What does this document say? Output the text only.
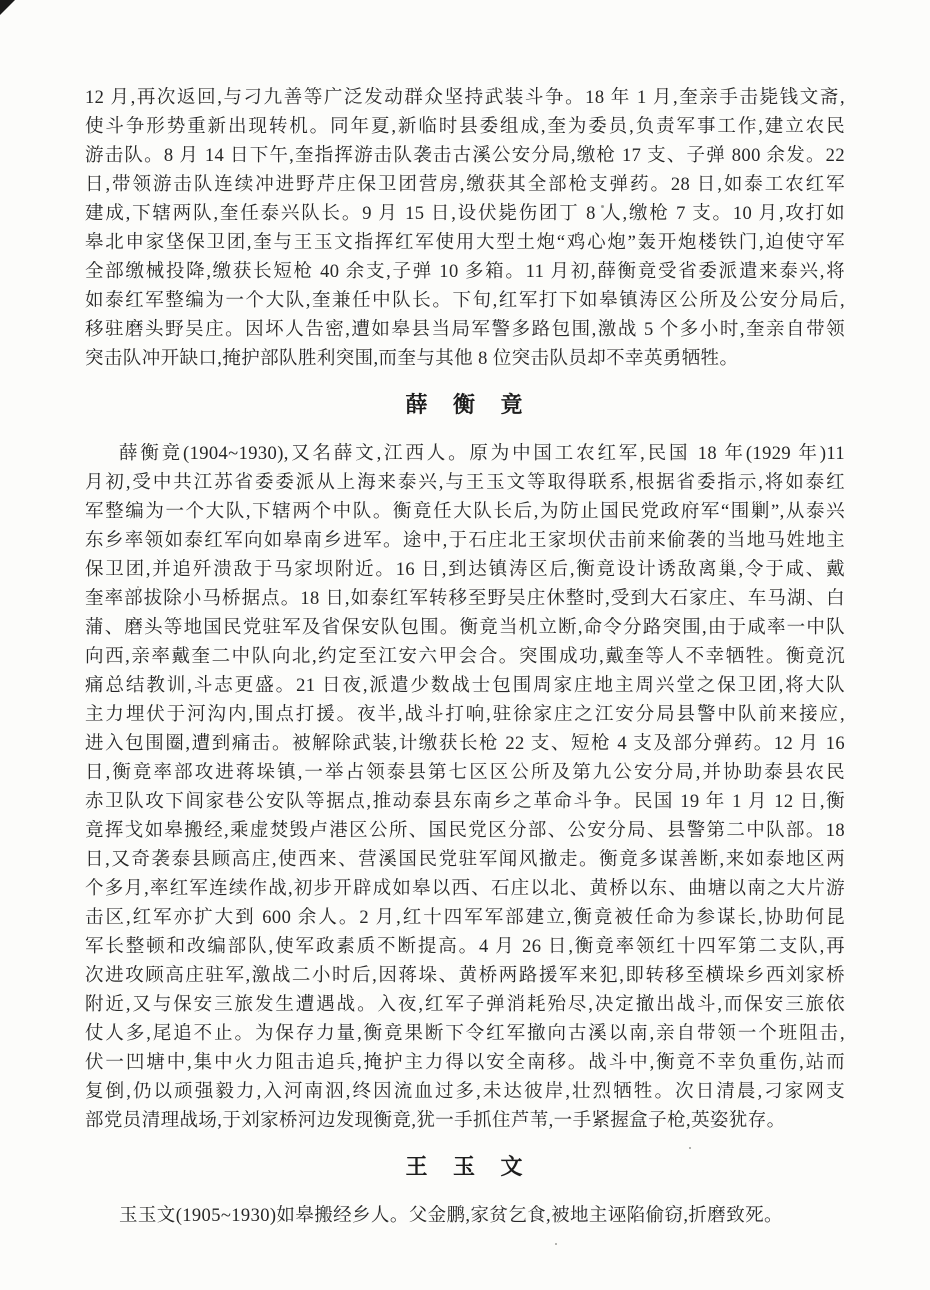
12 月,再次返回,与刁九善等广泛发动群众坚持武装斗争。18 年 1 月,奎亲手击毙钱文斋,
使斗争形势重新出现转机。同年夏,新临时县委组成,奎为委员,负责军事工作,建立农民
游击队。8 月 14 日下午,奎指挥游击队袭击古溪公安分局,缴枪 17 支、子弹 800 余发。22
日,带领游击队连续冲进野芹庄保卫团营房,缴获其全部枪支弹药。28 日,如泰工农红军
建成,下辖两队,奎任泰兴队长。9 月 15 日,设伏毙伤团丁 8 人,缴枪 7 支。10 月,攻打如
皋北申家垡保卫团,奎与王玉文指挥红军使用大型土炮“鸡心炮”轰开炮楼铁门,迫使守军
全部缴械投降,缴获长短枪 40 余支,子弹 10 多箱。11 月初,薛衡竟受省委派遣来泰兴,将
如泰红军整编为一个大队,奎兼任中队长。下旬,红军打下如皋镇涛区公所及公安分局后,
移驻磨头野吴庄。因坏人告密,遭如皋县当局军警多路包围,激战 5 个多小时,奎亲自带领
突击队冲开缺口,掩护部队胜利突围,而奎与其他 8 位突击队员却不幸英勇牺牲。
薛 衡 竟
薛衡竟(1904~1930),又名薛文,江西人。原为中国工农红军,民国 18 年(1929 年)11
月初,受中共江苏省委委派从上海来泰兴,与王玉文等取得联系,根据省委指示,将如泰红
军整编为一个大队,下辖两个中队。衡竟任大队长后,为防止国民党政府军“围剿”,从泰兴
东乡率领如泰红军向如皋南乡进军。途中,于石庄北王家坝伏击前来偷袭的当地马姓地主
保卫团,并追歼溃敌于马家坝附近。16 日,到达镇涛区后,衡竟设计诱敌离巢,令于咸、戴
奎率部拔除小马桥据点。18 日,如泰红军转移至野吴庄休整时,受到大石家庄、车马湖、白
蒲、磨头等地国民党驻军及省保安队包围。衡竟当机立断,命令分路突围,由于咸率一中队
向西,亲率戴奎二中队向北,约定至江安六甲会合。突围成功,戴奎等人不幸牺牲。衡竟沉
痛总结教训,斗志更盛。21 日夜,派遣少数战士包围周家庄地主周兴堂之保卫团,将大队
主力埋伏于河沟内,围点打援。夜半,战斗打响,驻徐家庄之江安分局县警中队前来接应,
进入包围圈,遭到痛击。被解除武装,计缴获长枪 22 支、短枪 4 支及部分弹药。12 月 16
日,衡竟率部攻进蒋垛镇,一举占领泰县第七区区公所及第九公安分局,并协助泰县农民
赤卫队攻下闾家巷公安队等据点,推动泰县东南乡之革命斗争。民国 19 年 1 月 12 日,衡
竟挥戈如皋搬经,乘虚焚毁卢港区公所、国民党区分部、公安分局、县警第二中队部。18
日,又奇袭泰县顾高庄,使西来、营溪国民党驻军闻风撤走。衡竟多谋善断,来如泰地区两
个多月,率红军连续作战,初步开辟成如皋以西、石庄以北、黄桥以东、曲塘以南之大片游
击区,红军亦扩大到 600 余人。2 月,红十四军军部建立,衡竟被任命为参谋长,协助何昆
军长整顿和改编部队,使军政素质不断提高。4 月 26 日,衡竟率领红十四军第二支队,再
次进攻顾高庄驻军,激战二小时后,因蒋垛、黄桥两路援军来犯,即转移至横垛乡西刘家桥
附近,又与保安三旅发生遭遇战。入夜,红军子弹消耗殆尽,决定撤出战斗,而保安三旅依
仗人多,尾追不止。为保存力量,衡竟果断下令红军撤向古溪以南,亲自带领一个班阻击,
伏一凹塘中,集中火力阻击追兵,掩护主力得以安全南移。战斗中,衡竟不幸负重伤,站而
复倒,仍以顽强毅力,入河南泅,终因流血过多,未达彼岸,壮烈牺牲。次日清晨,刁家网支
部党员清理战场,于刘家桥河边发现衡竟,犹一手抓住芦苇,一手紧握盒子枪,英姿犹存。
王 玉 文
玉玉文(1905~1930)如皋搬经乡人。父金鹏,家贫乞食,被地主诬陷偷窃,折磨致死。
